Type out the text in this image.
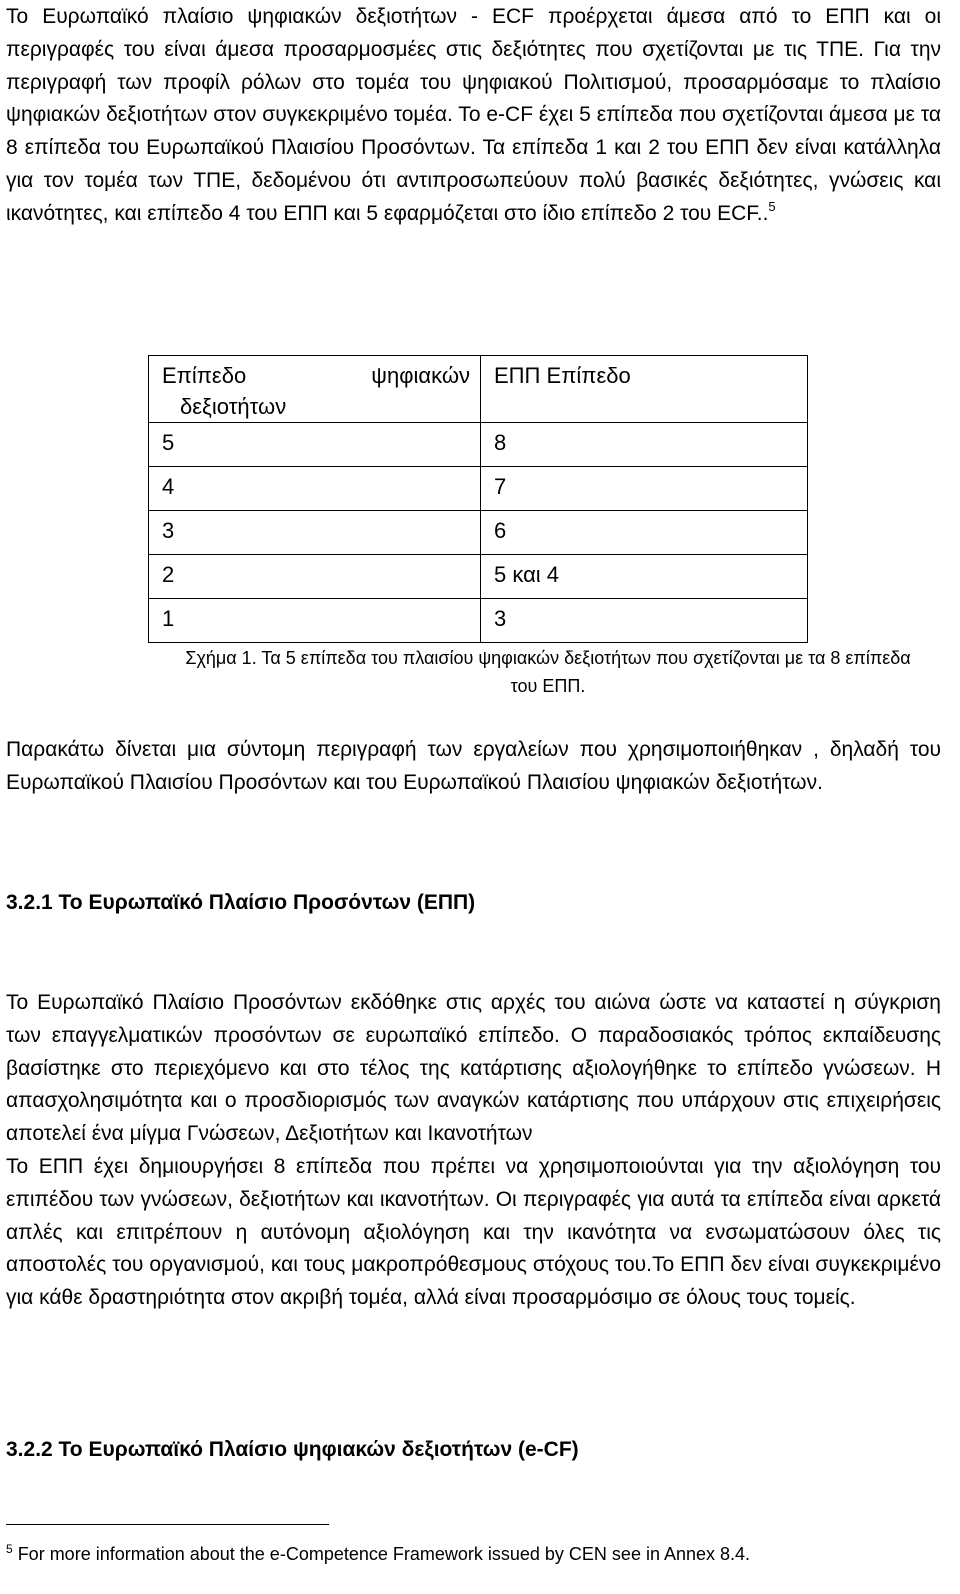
Το Ευρωπαϊκό πλαίσιο ψηφιακών δεξιοτήτων - ECF προέρχεται άμεσα από το ΕΠΠ και οι περιγραφές του είναι άμεσα προσαρμοσμέες στις δεξιότητες που σχετίζονται με τις ΤΠΕ. Για την περιγραφή των προφίλ ρόλων στο τομέα του ψηφιακού Πολιτισμού, προσαρμόσαμε το πλαίσιο ψηφιακών δεξιοτήτων στον συγκεκριμένο τομέα. Το e-CF έχει 5 επίπεδα που σχετίζονται άμεσα με τα 8 επίπεδα του Ευρωπαϊκού Πλαισίου Προσόντων. Τα επίπεδα 1 και 2 του ΕΠΠ δεν είναι κατάλληλα για τον τομέα των ΤΠΕ, δεδομένου ότι αντιπροσωπεύουν πολύ βασικές δεξιότητες, γνώσεις και ικανότητες, και επίπεδο 4 του ΕΠΠ και 5 εφαρμόζεται στο ίδιο επίπεδο 2 του ECF..$^5$

Επίπεδο ψηφιακών
δεξιοτήτων	ΕΠΠ Επίπεδο

5	8
4	7
3	6
2	5 και 4
1	3

Σχήμα 1. Τα 5 επίπεδα του πλαισίου ψηφιακών δεξιοτήτων που σχετίζονται με τα 8 επίπεδα
του ΕΠΠ.

Παρακάτω δίνεται μια σύντομη περιγραφή των εργαλείων που χρησιμοποιήθηκαν , δηλαδή του Ευρωπαϊκού Πλαισίου Προσόντων και του Ευρωπαϊκού Πλαισίου ψηφιακών δεξιοτήτων.

3.2.1 Το Ευρωπαϊκό Πλαίσιο Προσόντων (ΕΠΠ)
Το Ευρωπαϊκό Πλαίσιο Προσόντων εκδόθηκε στις αρχές του αιώνα ώστε να καταστεί η σύγκριση των επαγγελματικών προσόντων σε ευρωπαϊκό επίπεδο. Ο παραδοσιακός τρόπος εκπαίδευσης βασίστηκε στο περιεχόμενο και στο τέλος της κατάρτισης αξιολογήθηκε το επίπεδο γνώσεων. Η απασχολησιμότητα και ο προσδιορισμός των αναγκών κατάρτισης που υπάρχουν στις επιχειρήσεις αποτελεί ένα μίγμα Γνώσεων, Δεξιοτήτων και Ικανοτήτων
Το ΕΠΠ έχει δημιουργήσει 8 επίπεδα που πρέπει να χρησιμοποιούνται για την αξιολόγηση του επιπέδου των γνώσεων, δεξιοτήτων και ικανοτήτων. Οι περιγραφές για αυτά τα επίπεδα είναι αρκετά απλές και επιτρέπουν η αυτόνομη αξιολόγηση και την ικανότητα να ενσωματώσουν όλες τις αποστολές του οργανισμού, και τους μακροπρόθεσμους στόχους του.Το ΕΠΠ δεν είναι συγκεκριμένο για κάθε δραστηριότητα στον ακριβή τομέα, αλλά είναι προσαρμόσιμο σε όλους τους τομείς.
3.2.2 Το Ευρωπαϊκό Πλαίσιο ψηφιακών δεξιοτήτων (e-CF)

$^5$ For more information about the e-Competence Framework issued by CEN see in Annex 8.4.
